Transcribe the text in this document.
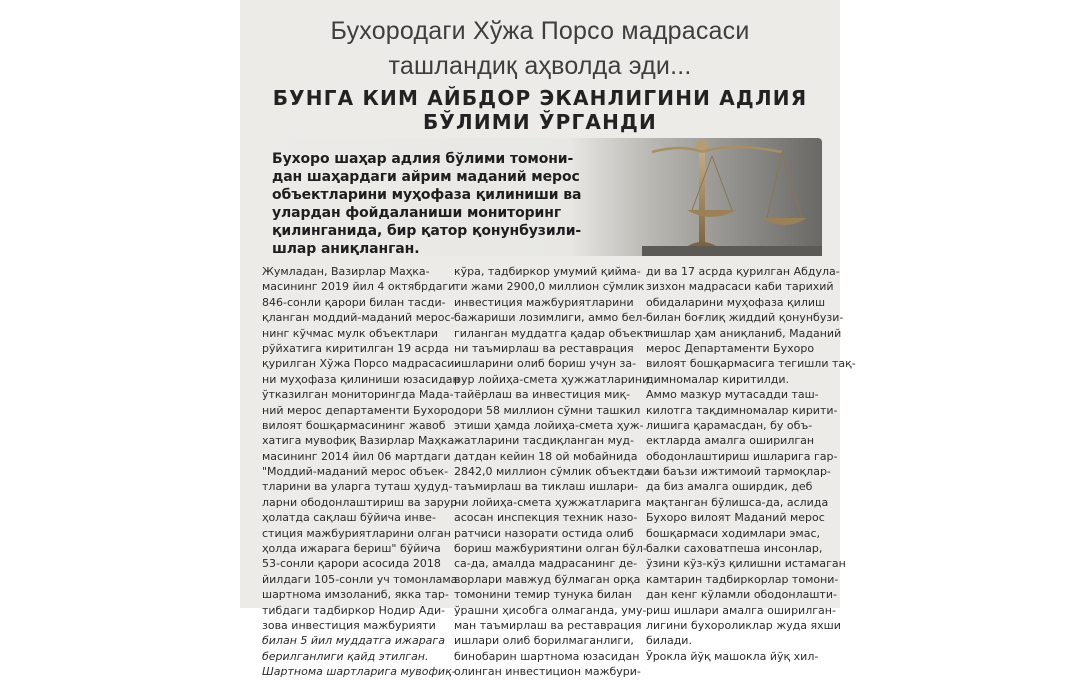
Бухородаги Хўжа Порсо мадрасаси
ташландиқ аҳволда эди...
БУНГА КИМ АЙБДОР ЭКАНЛИГИНИ АДЛИЯ
БЎЛИМИ ЎРГАНДИ
Бухоро шаҳар адлия бўлими томони-
дан шаҳардаги айрим маданий мерос
объектларини муҳофаза қилиниши ва
улардан фойдаланиши мониторинг
қилинганида, бир қатор қонунбузили-
шлар аниқланган.
Жумладан, Вазирлар Маҳка-
масининг 2019 йил 4 октябрдаги
846-сонли қарори билан тасди-
қланган моддий-маданий мерос-
нинг кўчмас мулк объектлари
рўйхатига киритилган 19 асрда
қурилган Хўжа Порсо мадрасаси-
ни муҳофаза қилиниши юзасидан
ўтказилган мониторингда Мада-
ний мерос департаменти Бухоро
вилоят бошқармасининг жавоб
хатига мувофиқ Вазирлар Маҳка-
масининг 2014 йил 06 мартдаги
"Моддий-маданий мерос объек-
тларини ва уларга туташ ҳудуд-
ларни ободонлаштириш ва зарур
ҳолатда сақлаш бўйича инве-
стиция мажбуриятларини олган
ҳолда ижарага бериш" бўйича
53-сонли қарори асосида 2018
йилдаги 105-сонли уч томонлама
шартнома имзоланиб, якка тар-
тибдаги тадбиркор Нодир Ади-
зова инвестиция мажбурияти
билан 5 йил муддатга ижарага
берилганлиги қайд этилган.
Шартнома шартларига мувофиқ-
кўра, тадбиркор умумий қийма-
ти жами 2900,0 миллион сўмлик
инвестиция мажбуриятларини
бажариши лозимлиги, аммо бел-
гиланган муддатга қадар объект-
ни таъмирлаш ва реставрация
ишларини олиб бориш учун за-
рур лойиҳа-смета ҳужжатларини
тайёрлаш ва инвестиция миқ-
дори 58 миллион сўмни ташкил
этиши ҳамда лойиҳа-смета ҳуж-
жатларини тасдиқланган муд-
датдан кейин 18 ой мобайнида
2842,0 миллион сўмлик объектда
таъмирлаш ва тиклаш ишлари-
ни лойиҳа-смета ҳужжатларига
асосан инспекция техник назо-
ратчиси назорати остида олиб
бориш мажбуриятини олган бўл-
са-да, амалда мадрасанинг де-
ворлари мавжуд бўлмаган орқа
томонини темир тунука билан
ўрашни ҳисобга олмагандa, уму-
ман таъмирлаш ва реставрация
ишлари олиб борилмаганлиги,
бинобарин шартнома юзасидан
олинган инвестицион мажбури-
ди ва 17 асрда қурилган Абдула-
зизхон мадрасаси каби тарихий
обидаларини муҳофаза қилиш
билан боғлиқ жиддий қонунбузи-
лишлар ҳам аниқланиб, Маданий
мерос Департаменти Бухоро
вилоят бошқармасига тегишли тақ-
димномалар киритилди.
Аммо мазкур мутасадди таш-
килотга тақдимномалар кирити-
лишига қарамасдан, бу объ-
ектларда амалга оширилган
ободонлаштириш ишларига гар-
чи баъзи ижтимоий тармоқлар-
да биз амалга оширдик, деб
мақтанган бўлишса-да, аслида
Бухоро вилоят Маданий мерос
бошқармаси ходимлари эмас,
балки саховатпеша инсонлар,
ўзини кўз-кўз қилишни истамаган
камтарин тадбиркорлар томони-
дан кенг кўламли ободонлашти-
риш ишлари амалга оширилган-
лигини бухороликлар жуда яхши
билади.
Ўрокла йўқ машокла йўқ хил-
